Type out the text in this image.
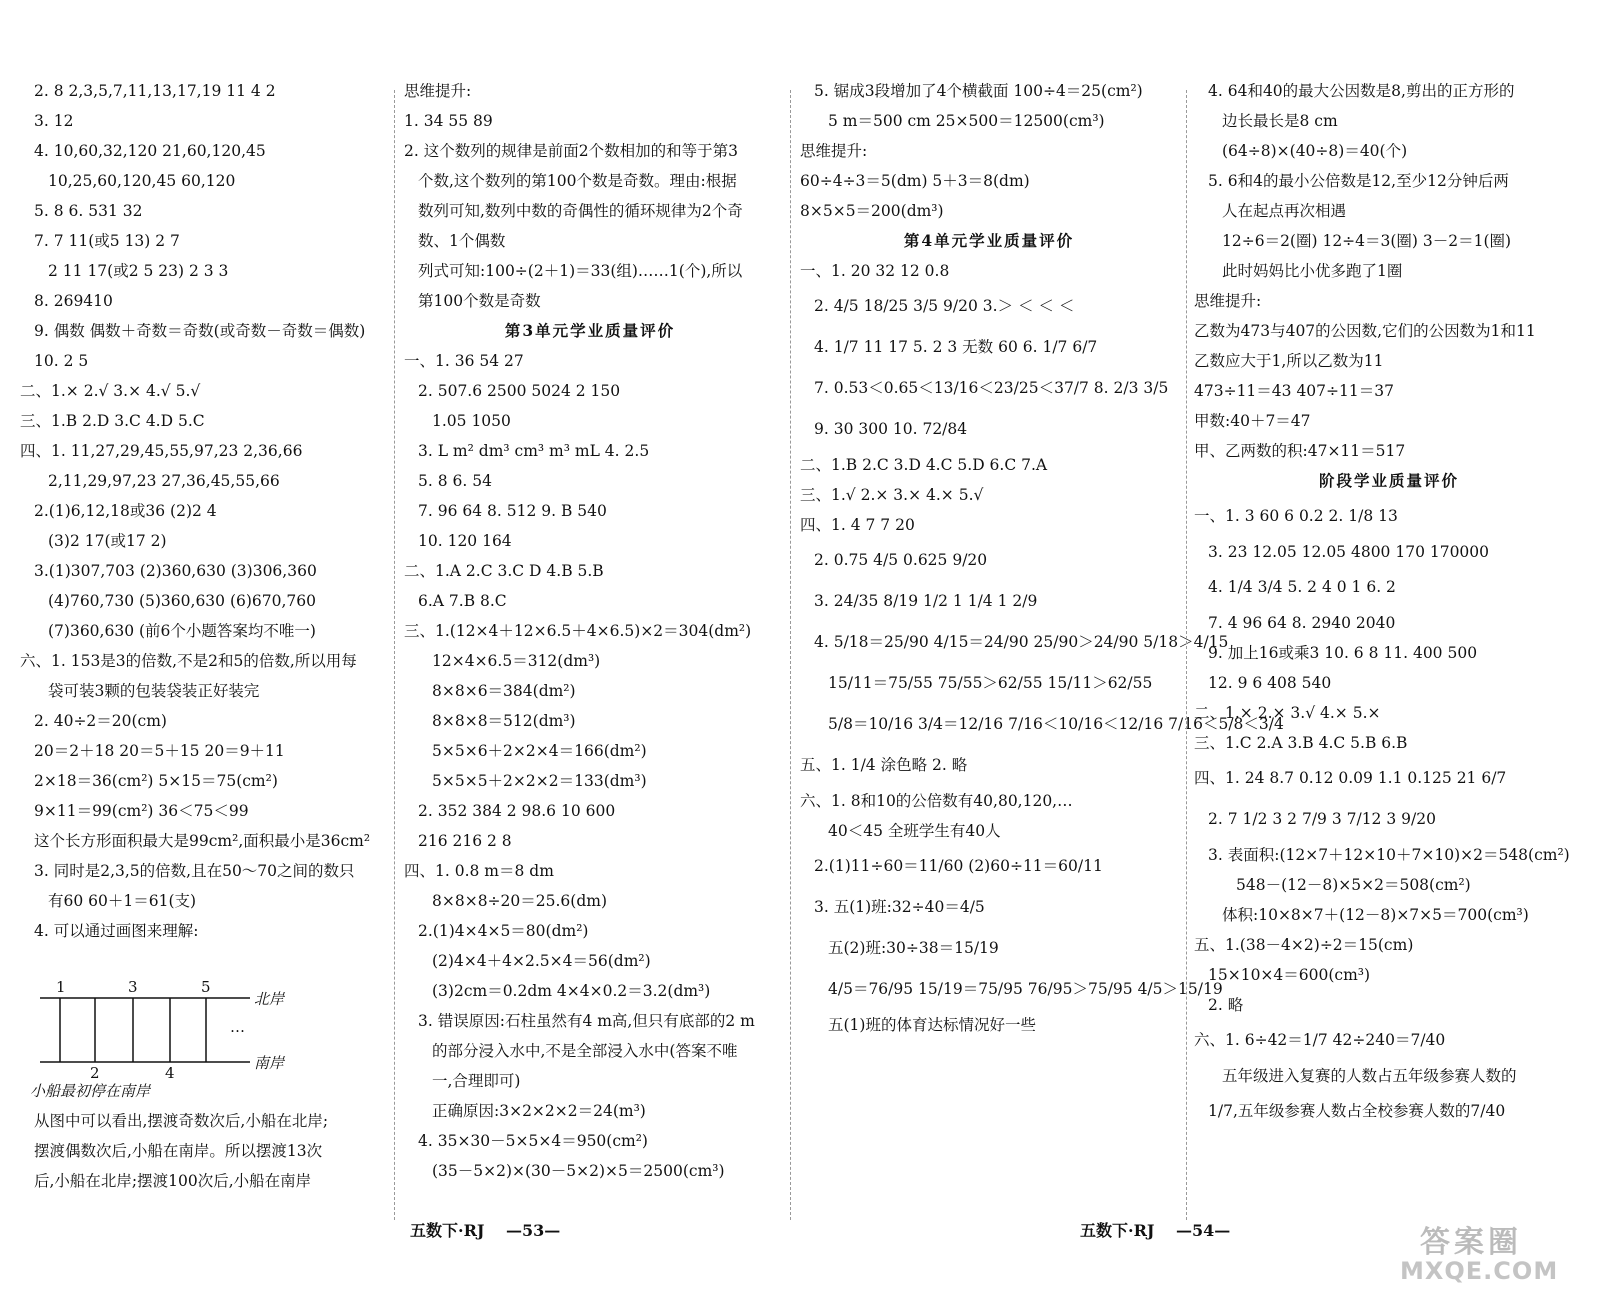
2. 8 2,3,5,7,11,13,17,19 11 4 2
3. 12
4. 10,60,32,120 21,60,120,45
10,25,60,120,45 60,120
5. 8 6. 531 32
7. 7 11(或5 13) 2 7
2 11 17(或2 5 23) 2 3 3
8. 269410
9. 偶数 偶数＋奇数＝奇数(或奇数－奇数＝偶数)
10. 2 5
二、1.× 2.√ 3.× 4.√ 5.√
三、1.B 2.D 3.C 4.D 5.C
四、1. 11,27,29,45,55,97,23 2,36,66
2,11,29,97,23 27,36,45,55,66
2.(1)6,12,18或36 (2)2 4
(3)2 17(或17 2)
3.(1)307,703 (2)360,630 (3)306,360
(4)760,730 (5)360,630 (6)670,760
(7)360,630 (前6个小题答案均不唯一)
六、1. 153是3的倍数,不是2和5的倍数,所以用每
袋可装3颗的包装袋装正好装完
2. 40÷2＝20(cm)
20＝2＋18 20＝5＋15 20＝9＋11
2×18＝36(cm²) 5×15＝75(cm²)
9×11＝99(cm²) 36＜75＜99
这个长方形面积最大是99cm²,面积最小是36cm²
3. 同时是2,3,5的倍数,且在50～70之间的数只
有60 60＋1＝61(支)
4. 可以通过画图来理解:
1	3	5
2	4
北岸
南岸
…
小船最初停在南岸
从图中可以看出,摆渡奇数次后,小船在北岸;
摆渡偶数次后,小船在南岸。所以摆渡13次
后,小船在北岸;摆渡100次后,小船在南岸
思维提升:
1. 34 55 89
2. 这个数列的规律是前面2个数相加的和等于第3
个数,这个数列的第100个数是奇数。理由:根据
数列可知,数列中数的奇偶性的循环规律为2个奇
数、1个偶数
列式可知:100÷(2＋1)＝33(组)……1(个),所以
第100个数是奇数
第3单元学业质量评价
一、1. 36 54 27
2. 507.6 2500 5024 2 150
1.05 1050
3. L m² dm³ cm³ m³ mL 4. 2.5
5. 8 6. 54
7. 96 64 8. 512 9. B 540
10. 120 164
二、1.A 2.C 3.C D 4.B 5.B
6.A 7.B 8.C
三、1.(12×4＋12×6.5＋4×6.5)×2＝304(dm²)
12×4×6.5＝312(dm³)
8×8×6＝384(dm²)
8×8×8＝512(dm³)
5×5×6＋2×2×4＝166(dm²)
5×5×5＋2×2×2＝133(dm³)
2. 352 384 2 98.6 10 600
216 216 2 8
四、1. 0.8 m＝8 dm
8×8×8÷20＝25.6(dm)
2.(1)4×4×5＝80(dm²)
(2)4×4＋4×2.5×4＝56(dm²)
(3)2cm＝0.2dm 4×4×0.2＝3.2(dm³)
3. 错误原因:石柱虽然有4 m高,但只有底部的2 m
的部分浸入水中,不是全部浸入水中(答案不唯
一,合理即可)
正确原因:3×2×2×2＝24(m³)
4. 35×30－5×5×4＝950(cm²)
(35－5×2)×(30－5×2)×5＝2500(cm³)
5. 锯成3段增加了4个横截面 100÷4＝25(cm²)
5 m＝500 cm 25×500＝12500(cm³)
思维提升:
60÷4÷3＝5(dm) 5＋3＝8(dm)
8×5×5＝200(dm³)
第4单元学业质量评价
一、1. 20 32 12 0.8
2. 4/5 18/25 3/5 9/20 3.＞ ＜ ＜ ＜
4. 1/7 11 17 5. 2 3 无数 60 6. 1/7 6/7
7. 0.53＜0.65＜13/16＜23/25＜37/7 8. 2/3 3/5
9. 30 300 10. 72/84
二、1.B 2.C 3.D 4.C 5.D 6.C 7.A
三、1.√ 2.× 3.× 4.× 5.√
四、1. 4 7 7 20
2. 0.75 4/5 0.625 9/20
3. 24/35 8/19 1/2 1 1/4 1 2/9
4. 5/18＝25/90 4/15＝24/90 25/90＞24/90 5/18＞4/15
15/11＝75/55 75/55＞62/55 15/11＞62/55
5/8＝10/16 3/4＝12/16 7/16＜10/16＜12/16 7/16＜5/8＜3/4
五、1. 1/4 涂色略 2. 略
六、1. 8和10的公倍数有40,80,120,…
40＜45 全班学生有40人
2.(1)11÷60＝11/60 (2)60÷11＝60/11
3. 五(1)班:32÷40＝4/5
五(2)班:30÷38＝15/19
4/5＝76/95 15/19＝75/95 76/95＞75/95 4/5＞15/19
五(1)班的体育达标情况好一些
4. 64和40的最大公因数是8,剪出的正方形的
边长最长是8 cm
(64÷8)×(40÷8)＝40(个)
5. 6和4的最小公倍数是12,至少12分钟后两
人在起点再次相遇
12÷6＝2(圈) 12÷4＝3(圈) 3－2＝1(圈)
此时妈妈比小优多跑了1圈
思维提升:
乙数为473与407的公因数,它们的公因数为1和11
乙数应大于1,所以乙数为11
473÷11＝43 407÷11＝37
甲数:40＋7＝47
甲、乙两数的积:47×11＝517
阶段学业质量评价
一、1. 3 60 6 0.2 2. 1/8 13
3. 23 12.05 12.05 4800 170 170000
4. 1/4 3/4 5. 2 4 0 1 6. 2
7. 4 96 64 8. 2940 2040
9. 加上16或乘3 10. 6 8 11. 400 500
12. 9 6 408 540
二、1.× 2.× 3.√ 4.× 5.×
三、1.C 2.A 3.B 4.C 5.B 6.B
四、1. 24 8.7 0.12 0.09 1.1 0.125 21 6/7
2. 7 1/2 3 2 7/9 3 7/12 3 9/20
3. 表面积:(12×7＋12×10＋7×10)×2＝548(cm²)
548－(12－8)×5×2＝508(cm²)
体积:10×8×7＋(12－8)×7×5＝700(cm³)
五、1.(38－4×2)÷2＝15(cm)
15×10×4＝600(cm³)
2. 略
六、1. 6÷42＝1/7 42÷240＝7/40
五年级进入复赛的人数占五年级参赛人数的
1/7,五年级参赛人数占全校参赛人数的7/40
五数下·RJ —53—	五数下·RJ —54—	答案圈
MXQE.COM
